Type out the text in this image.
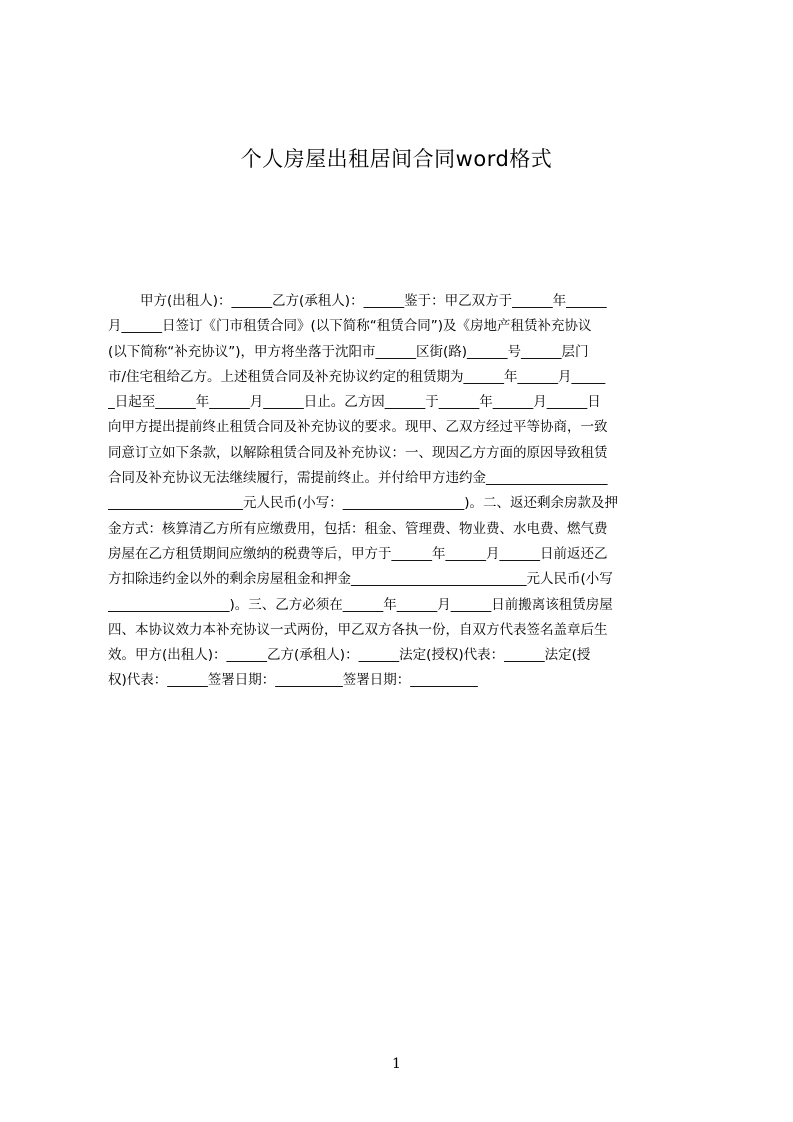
个人房屋出租居间合同word格式
甲方(出租人)：______乙方(承租人)：______鉴于：甲乙双方于______年______
月______日签订《门市租赁合同》(以下简称“租赁合同”)及《房地产租赁补充协议
(以下简称“补充协议”)，甲方将坐落于沈阳市______区街(路)______号______层门
市/住宅租给乙方。上述租赁合同及补充协议约定的租赁期为______年______月_____
_日起至______年______月______日止。乙方因______于______年______月______日
向甲方提出提前终止租赁合同及补充协议的要求。现甲、乙双方经过平等协商，一致
同意订立如下条款，以解除租赁合同及补充协议：一、现因乙方方面的原因导致租赁
合同及补充协议无法继续履行，需提前终止。并付给甲方违约金__________________
____________________元人民币(小写：__________________)。二、返还剩余房款及押
金方式：核算清乙方所有应缴费用，包括：租金、管理费、物业费、水电费、燃气费
房屋在乙方租赁期间应缴纳的税费等后，甲方于______年______月______日前返还乙
方扣除违约金以外的剩余房屋租金和押金__________________________元人民币(小写
__________________)。三、乙方必须在______年______月______日前搬离该租赁房屋
四、本协议效力本补充协议一式两份，甲乙双方各执一份，自双方代表签名盖章后生
效。甲方(出租人)：______乙方(承租人)：______法定(授权)代表：______法定(授
权)代表：______签署日期：__________签署日期：__________
1
